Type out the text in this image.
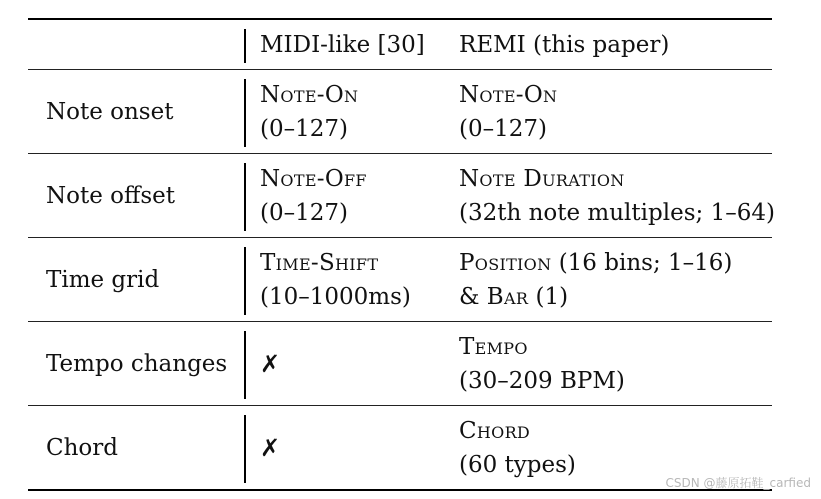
MIDI-like [30] REMI (this paper)
Note onset
Note-On
(0–127)
Note-On
(0–127)
Note offset
Note-Off
(0–127)
Note Duration
(32th note multiples; 1–64)
Time grid
Time-Shift
(10–1000ms)
Position (16 bins; 1–16)
& Bar (1)
Tempo changes ✗
Tempo
(30–209 BPM)
Chord	✗
Chord
(60 types)
CSDN @藤原拓鞋_carfied
